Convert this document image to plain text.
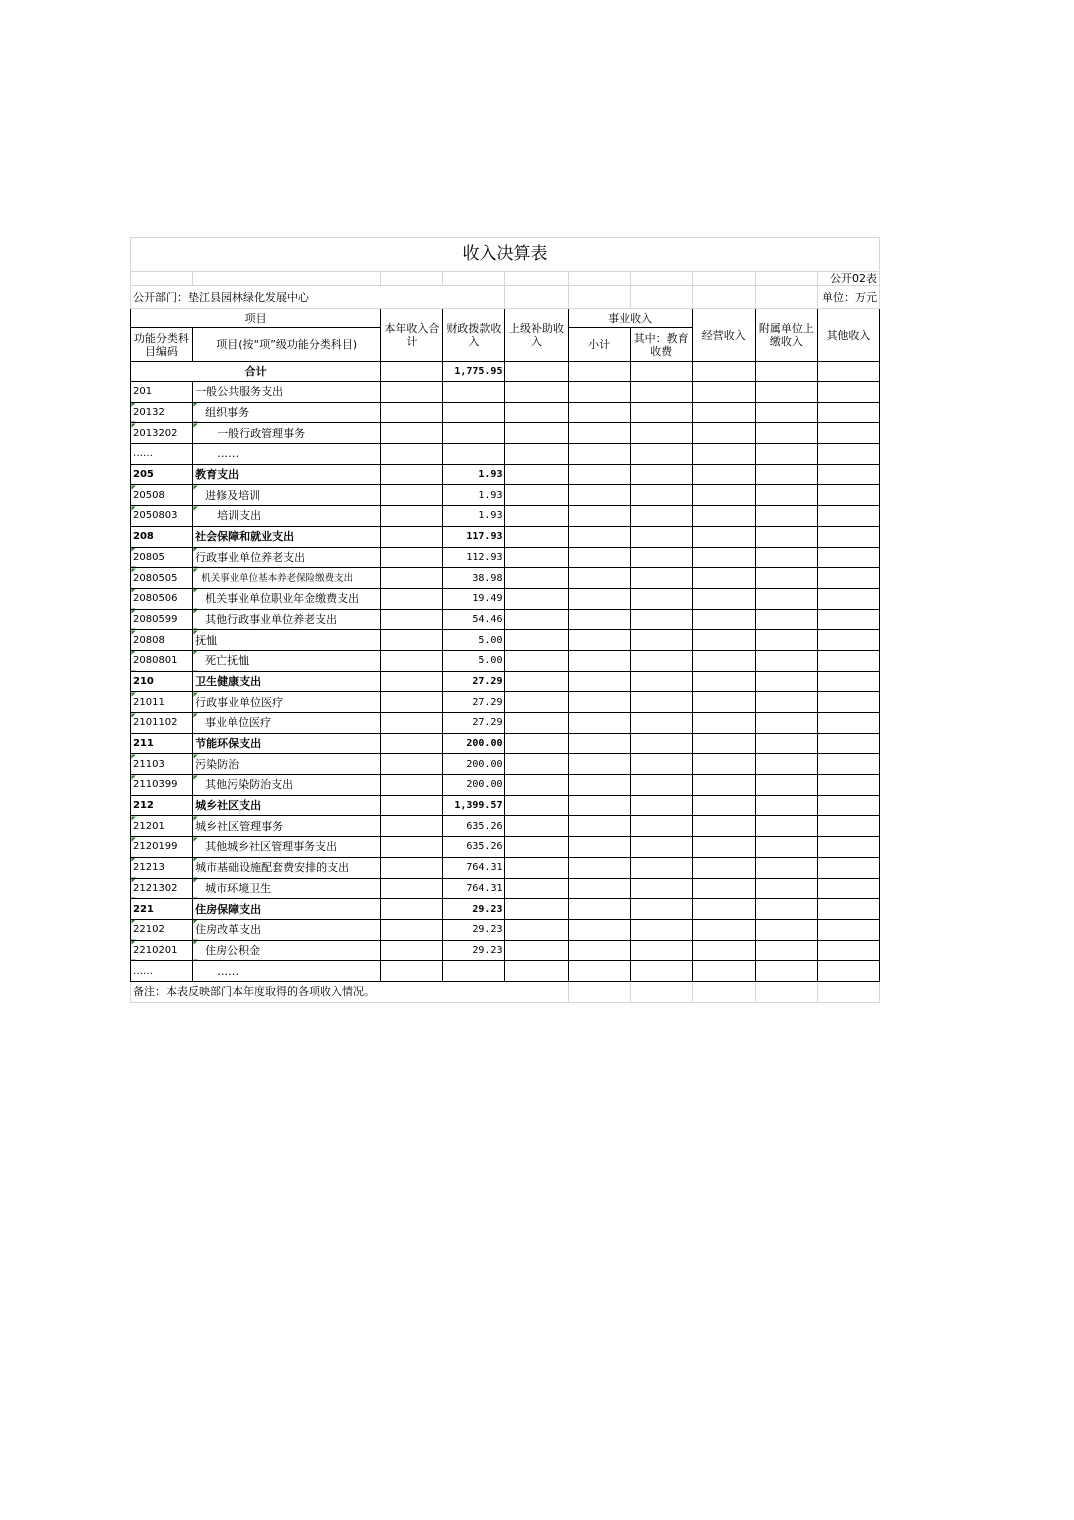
收入决算表									
									公开02表
公开部门：垫江县园林绿化发展中心									单位：万元
项目		本年收入合计	财政拨款收入	上级补助收入	事业收入		经营收入	附属单位上缴收入	其他收入
功能分类科目编码	项目(按“项”级功能分类科目)				小计	其中：教育收费			
合计			1,775.95						
201	一般公共服务支出								
20132	组织事务								
2013202	一般行政管理事务								
……	……								
205	教育支出		1.93						
20508	进修及培训		1.93						
2050803	培训支出		1.93						
208	社会保障和就业支出		117.93						
20805	行政事业单位养老支出		112.93						
2080505	机关事业单位基本养老保险缴费支出		38.98						
2080506	机关事业单位职业年金缴费支出		19.49						
2080599	其他行政事业单位养老支出		54.46						
20808	抚恤		5.00						
2080801	死亡抚恤		5.00						
210	卫生健康支出		27.29						
21011	行政事业单位医疗		27.29						
2101102	事业单位医疗		27.29						
211	节能环保支出		200.00						
21103	污染防治		200.00						
2110399	其他污染防治支出		200.00						
212	城乡社区支出		1,399.57						
21201	城乡社区管理事务		635.26						
2120199	其他城乡社区管理事务支出		635.26						
21213	城市基础设施配套费安排的支出		764.31						
2121302	城市环境卫生		764.31						
221	住房保障支出		29.23						
22102	住房改革支出		29.23						
2210201	住房公积金		29.23						
……	……								
备注：本表反映部门本年度取得的各项收入情况。									
